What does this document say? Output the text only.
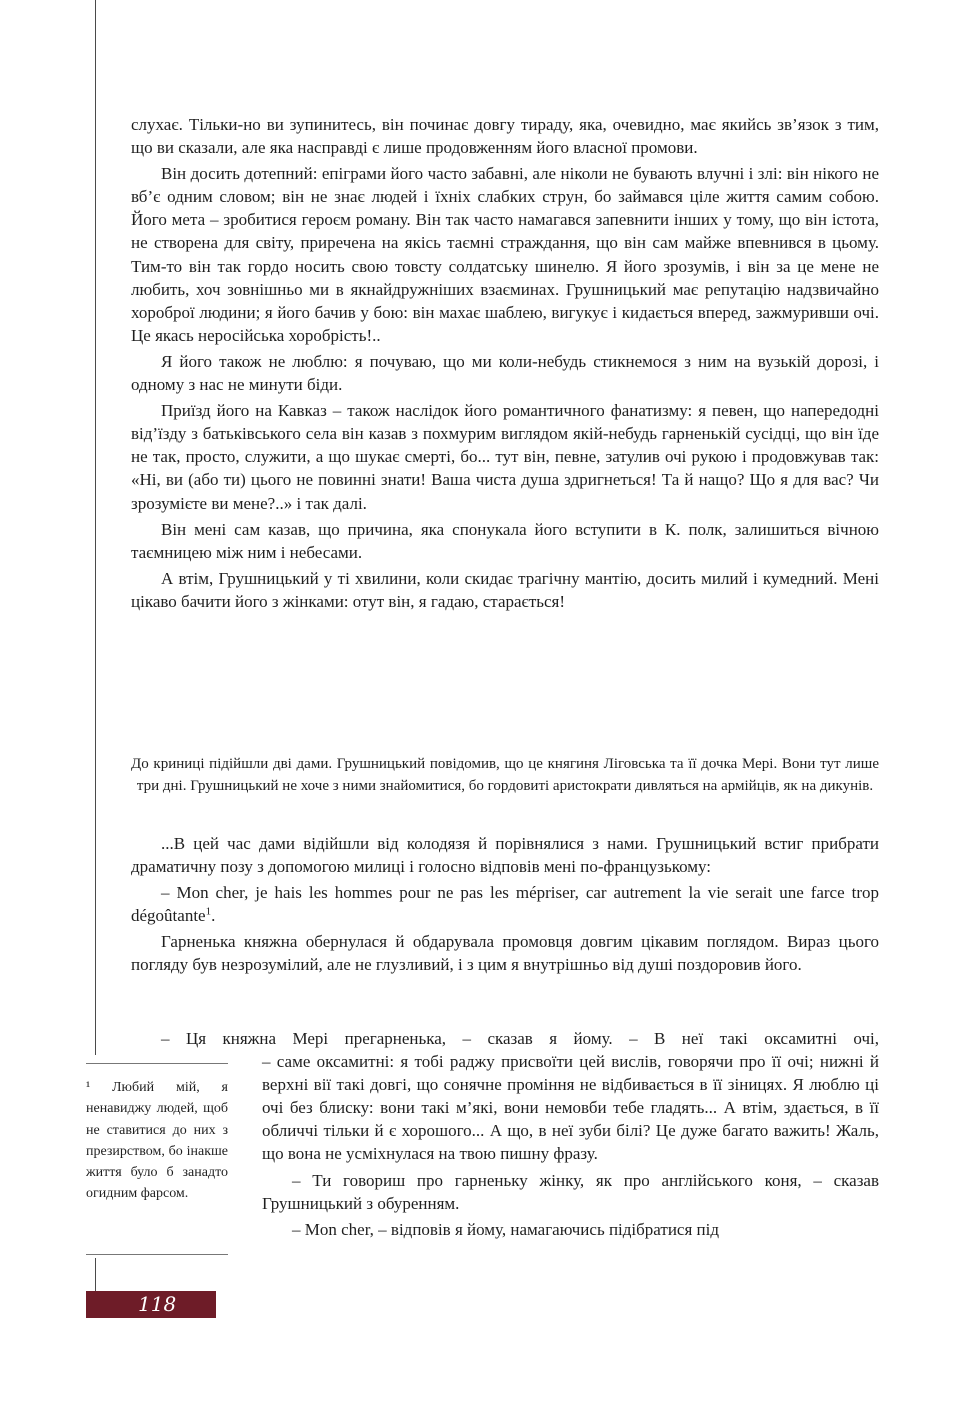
слухає. Тільки-но ви зупинитесь, він починає довгу тираду, яка, очевидно, має якийсь зв’язок з тим, що ви сказали, але яка насправді є лише продовженням його власної промови.

Він досить дотепний: епіграми його часто забавні, але ніколи не бувають влучні і злі: він нікого не вб’є одним словом; він не знає людей і їхніх слабких струн, бо займався ціле життя самим собою. Його мета – зробитися героєм роману. Він так часто намагався запевнити інших у тому, що він істота, не створена для світу, приречена на якісь таємні страждання, що він сам майже впевнився в цьому. Тим-то він так гордо носить свою товсту солдатську шинелю. Я його зрозумів, і він за це мене не любить, хоч зовнішньо ми в якнайдружніших взаєминах. Грушницький має репутацію надзвичайно хороброї людини; я його бачив у бою: він махає шаблею, вигукує і кидається вперед, зажмуривши очі. Це якась неросійська хоробрість!..

Я його також не люблю: я почуваю, що ми коли-небудь стикнемося з ним на вузькій дорозі, і одному з нас не минути біди.

Приїзд його на Кавказ – також наслідок його романтичного фанатизму: я певен, що напередодні від’їзду з батьківського села він казав з похмурим виглядом якій-небудь гарненькій сусідці, що він їде не так, просто, служити, а що шукає смерті, бо... тут він, певне, затулив очі рукою і продовжував так: «Ні, ви (або ти) цього не повинні знати! Ваша чиста душа здригнеться! Та й нащо? Що я для вас? Чи зрозумієте ви мене?..» і так далі.

Він мені сам казав, що причина, яка спонукала його вступити в К. полк, залишиться вічною таємницею між ним і небесами.

А втім, Грушницький у ті хвилини, коли скидає трагічну мантію, досить милий і кумедний. Мені цікаво бачити його з жінками: отут він, я гадаю, старається!

До криниці підійшли дві дами. Грушницький повідомив, що це княгиня Лiговська та її дочка Мері. Вони тут лише три дні. Грушницький не хоче з ними знайомитися, бо гордовиті аристократи дивляться на армійців, як на дикунів.

...В цей час дами відійшли від колодязя й порівнялися з нами. Грушницький встиг прибрати драматичну позу з допомогою милиці і голосно відповів мені по-французькому:

– Mon cher, je hais les hommes pour ne pas les mépriser, car autrement la vie serait une farce trop dégoûtante$^1$.

Гарненька княжна обернулася й обдарувала промовця довгим цікавим поглядом. Вираз цього погляду був незрозумілий, але не глузливий, і з цим я внутрішньо від душі поздоровив його.

– Ця княжна Мері прегарненька, – сказав я йому. – В неї такі оксамитні очі,
– саме оксамитні: я тобі раджу присвоїти цей вислів, говорячи про її очі; нижні й верхні вії такі довгі, що сонячне проміння не відбивається в її зіницях. Я люблю ці очі без блиску: вони такі м’які, вони немовби тебе гладять... А втім, здається, в її обличчі тільки й є хорошого... А що, в неї зуби білі? Це дуже багато важить! Жаль, що вона не усміхнулася на твою пишну фразу.

– Ти говориш про гарненьку жінку, як про англійського коня, – сказав Грушницький з обуренням.

– Mon cher, – відповів я йому, намагаючись підібратися під

¹ Любий мій, я ненавиджу людей, щоб не ставитися до них з презирством, бо інакше життя було б занадто огидним фарсом.
118
